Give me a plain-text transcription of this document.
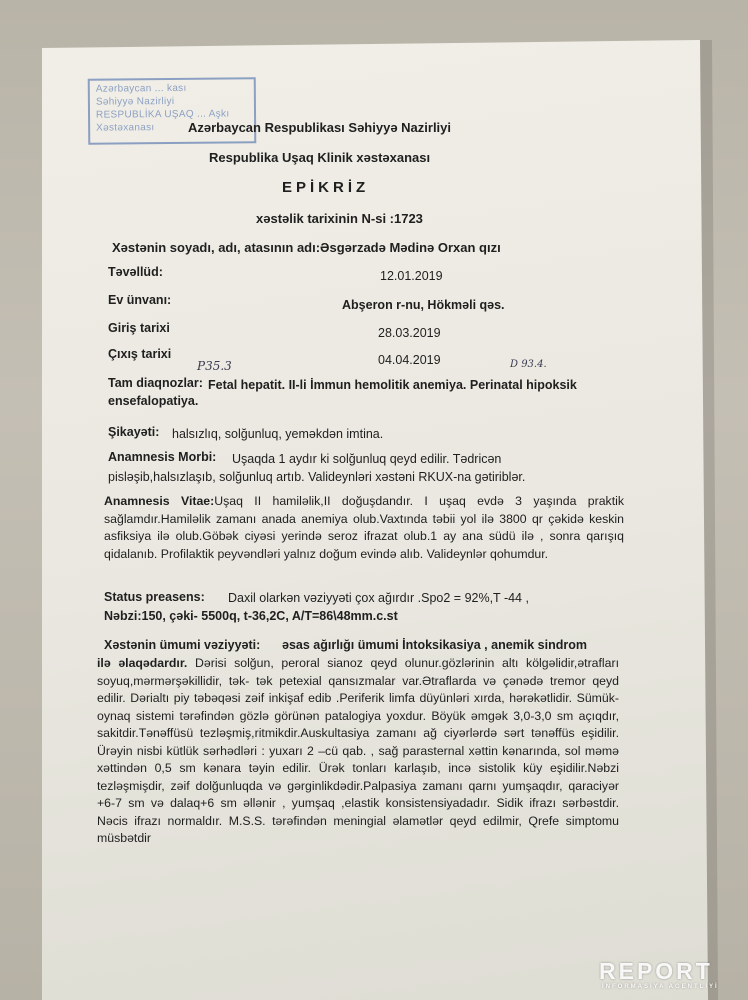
Azərbaycan ... kası
Səhiyyə Nazirliyi
RESPUBLİKA UŞAQ ... Aşkı
Xəstəxanası	Azərbaycan Respublikası Səhiyyə Nazirliyi
Respublika Uşaq Klinik xəstəxanası
EPİKRİZ
xəstəlik tarixinin N-si :1723
Xəstənin soyadı, adı, atasının adı:Əsgərzadə Mədinə Orxan qızı
Təvəllüd:	12.01.2019
Ev ünvanı:	Abşeron r-nu, Hökməli qəs.
Giriş tarixi	28.03.2019
Çıxış tarixi	04.04.2019
P35.3	D 93.4.
Tam diaqnozlar: Fetal hepatit. II-li İmmun hemolitik anemiya. Perinatal hipoksik
ensefalopatiya.
Şikayəti: halsızlıq, solğunluq, yeməkdən imtina.
Anamnesis Morbi: Uşaqda 1 aydır ki solğunluq qeyd edilir. Tədricən
pisləşib,halsızlaşıb, solğunluq artıb. Valideynləri xəstəni RKUX-na gətiriblər.
Anamnesis Vitae:Uşaq II hamiləlik,II doğuşdandır. I uşaq evdə 3 yaşında praktik sağlamdır.Hamiləlik zamanı anada anemiya olub.Vaxtında təbii yol ilə 3800 qr çəkidə keskin asfiksiya ilə olub.Göbək ciyəsi yerində seroz ifrazat olub.1 ay ana südü ilə , sonra qarışıq qidalanıb. Profilaktik peyvəndləri yalnız doğum evində alıb. Valideynlər qohumdur.
Status preasens: Daxil olarkən vəziyyəti çox ağırdır .Spo2 = 92%,T -44 ,
Nəbzi:150, çəki- 5500q, t-36,2C, A/T=86\48mm.c.st
Xəstənin ümumi vəziyyəti: əsas ağırlığı ümumi İntoksikasiya , anemik sindrom
ilə əlaqədardır. Dərisi solğun, peroral sianoz qeyd olunur.gözlərinin altı kölgəlidir,ətrafları soyuq,mərmərşəkillidir, tək- tək petexial qansızmalar var.Ətraflarda və çənədə tremor qeyd edilir. Dərialtı piy təbəqəsi zəif inkişaf edib .Periferik limfa düyünləri xırda, hərəkətlidir. Sümük-oynaq sistemi tərəfindən gözlə görünən patalogiya yoxdur. Böyük əmgək 3,0-3,0 sm açıqdır, sakitdir.Tənəffüsü tezləşmiş,ritmikdir.Auskultasiya zamanı ağ ciyərlərdə sərt tənəffüs eşidilir. Ürəyin nisbi kütlük sərhədləri : yuxarı 2 –cü qab. , sağ parasternal xəttin kənarında, sol məmə xəttindən 0,5 sm kənara təyin edilir. Ürək tonları karlaşıb, incə sistolik küy eşidilir.Nəbzi tezləşmişdir, zəif dolğunluqda və gərginlikdədir.Palpasiya zamanı qarnı yumşaqdır, qaraciyər +6-7 sm və dalaq+6 sm əllənir , yumşaq ,elastik konsistensiyadadır. Sidik ifrazı sərbəstdir. Nəcis ifrazı normaldır. M.S.S. tərəfindən meningial əlamətlər qeyd edilmir, Qrefe simptomu müsbətdir
REPORT
İNFORMASİYA AGENTLİYİ
